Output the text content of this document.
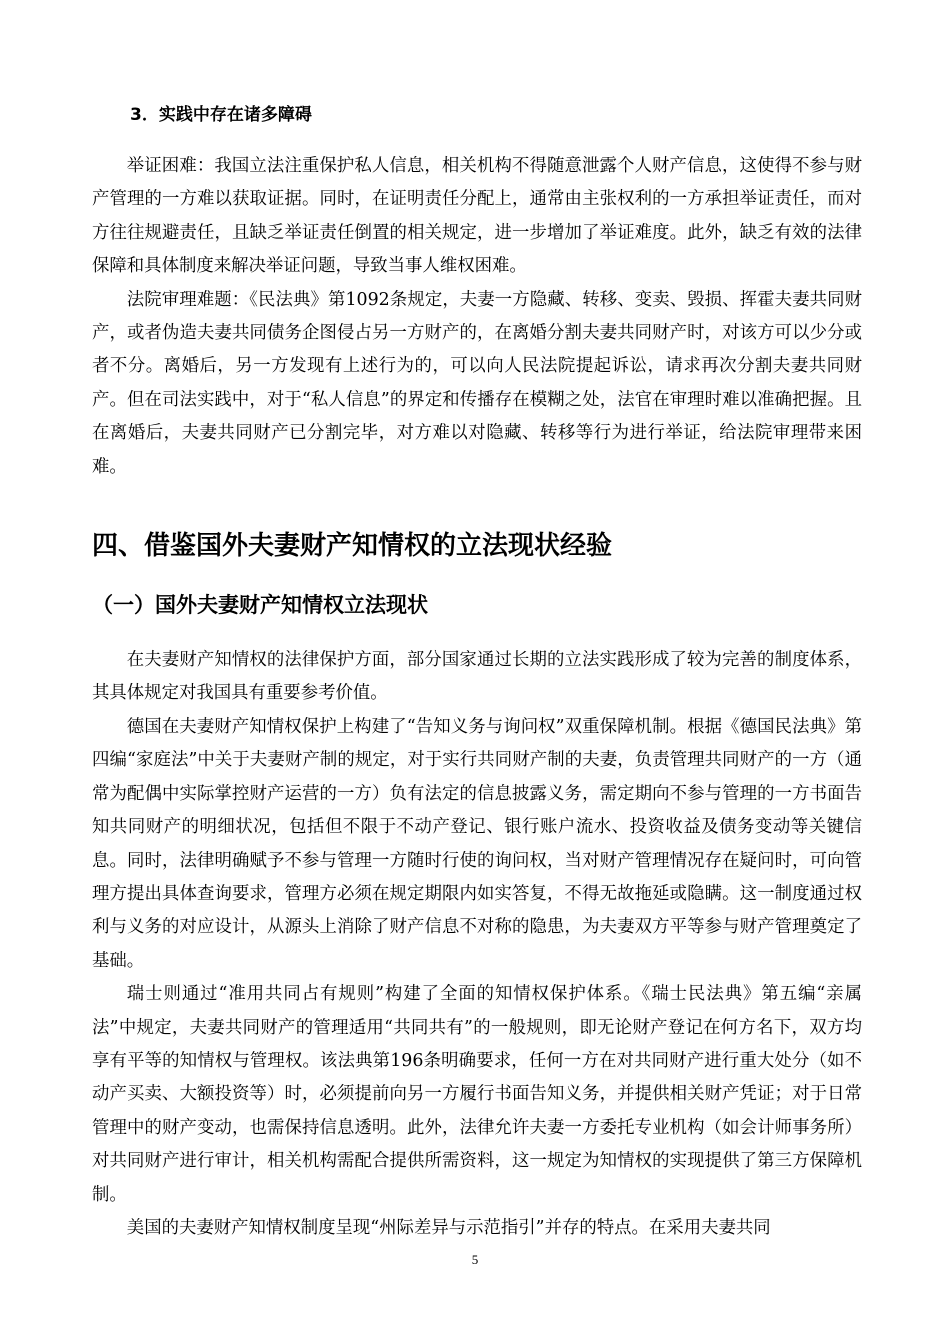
3．实践中存在诸多障碍

举证困难：我国立法注重保护私人信息，相关机构不得随意泄露个人财产信息，这使得不参与财产管理的一方难以获取证据。同时，在证明责任分配上，通常由主张权利的一方承担举证责任，而对方往往规避责任，且缺乏举证责任倒置的相关规定，进一步增加了举证难度。此外，缺乏有效的法律保障和具体制度来解决举证问题，导致当事人维权困难。

法院审理难题：《民法典》第1092条规定，夫妻一方隐藏、转移、变卖、毁损、挥霍夫妻共同财产，或者伪造夫妻共同债务企图侵占另一方财产的，在离婚分割夫妻共同财产时，对该方可以少分或者不分。离婚后，另一方发现有上述行为的，可以向人民法院提起诉讼，请求再次分割夫妻共同财产。但在司法实践中，对于“私人信息”的界定和传播存在模糊之处，法官在审理时难以准确把握。且在离婚后，夫妻共同财产已分割完毕，对方难以对隐藏、转移等行为进行举证，给法院审理带来困难。

四、借鉴国外夫妻财产知情权的立法现状经验
（一）国外夫妻财产知情权立法现状

在夫妻财产知情权的法律保护方面，部分国家通过长期的立法实践形成了较为完善的制度体系，其具体规定对我国具有重要参考价值。

德国在夫妻财产知情权保护上构建了“告知义务与询问权”双重保障机制。根据《德国民法典》第四编“家庭法”中关于夫妻财产制的规定，对于实行共同财产制的夫妻，负责管理共同财产的一方（通常为配偶中实际掌控财产运营的一方）负有法定的信息披露义务，需定期向不参与管理的一方书面告知共同财产的明细状况，包括但不限于不动产登记、银行账户流水、投资收益及债务变动等关键信息。同时，法律明确赋予不参与管理一方随时行使的询问权，当对财产管理情况存在疑问时，可向管理方提出具体查询要求，管理方必须在规定期限内如实答复，不得无故拖延或隐瞒。这一制度通过权利与义务的对应设计，从源头上消除了财产信息不对称的隐患，为夫妻双方平等参与财产管理奠定了基础。

瑞士则通过“准用共同占有规则”构建了全面的知情权保护体系。《瑞士民法典》第五编“亲属法”中规定，夫妻共同财产的管理适用“共同共有”的一般规则，即无论财产登记在何方名下，双方均享有平等的知情权与管理权。该法典第196条明确要求，任何一方在对共同财产进行重大处分（如不动产买卖、大额投资等）时，必须提前向另一方履行书面告知义务，并提供相关财产凭证；对于日常管理中的财产变动，也需保持信息透明。此外，法律允许夫妻一方委托专业机构（如会计师事务所）对共同财产进行审计，相关机构需配合提供所需资料，这一规定为知情权的实现提供了第三方保障机制。

美国的夫妻财产知情权制度呈现“州际差异与示范指引”并存的特点。在采用夫妻共同

5
